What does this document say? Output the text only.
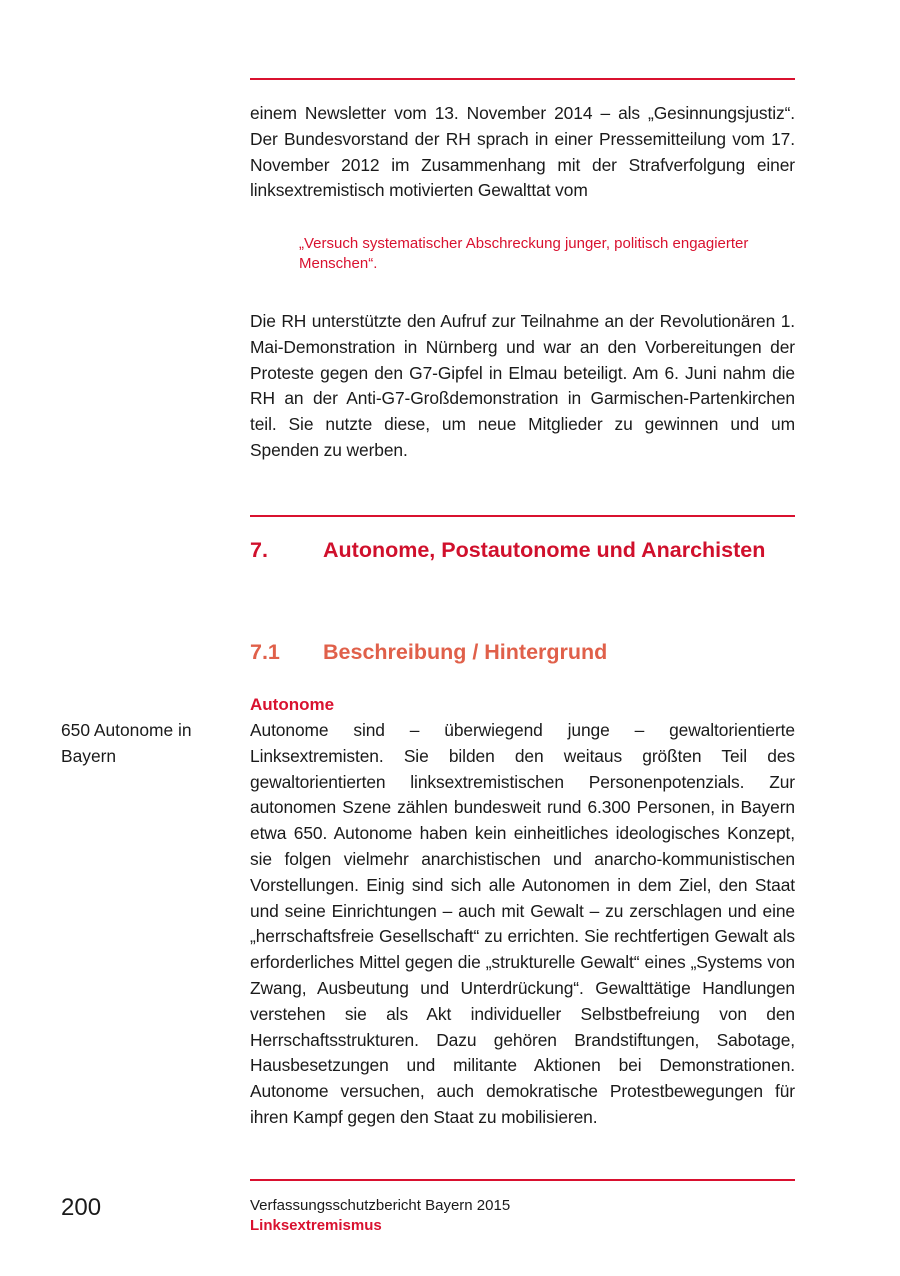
einem Newsletter vom 13. November 2014 – als „Gesinnungsjustiz“. Der Bundesvorstand der RH sprach in einer Pressemitteilung vom 17. November 2012 im Zusammenhang mit der Strafverfolgung einer linksextremistisch motivierten Gewalttat vom

„Versuch systematischer Abschreckung junger, politisch engagierter Menschen“.

Die RH unterstützte den Aufruf zur Teilnahme an der Revolutionären 1. Mai-Demonstration in Nürnberg und war an den Vorbereitungen der Proteste gegen den G7-Gipfel in Elmau beteiligt. Am 6. Juni nahm die RH an der Anti-G7-Großdemonstration in Garmischen-Partenkirchen teil. Sie nutzte diese, um neue Mitglieder zu gewinnen und um Spenden zu werben.

7.	Autonome, Postautonome und Anarchisten
7.1 Beschreibung / Hintergrund
Autonome
650 Autonome in Bayern

Autonome sind – überwiegend junge – gewaltorientierte Linksextremisten. Sie bilden den weitaus größten Teil des gewaltorientierten linksextremistischen Personenpotenzials. Zur autonomen Szene zählen bundesweit rund 6.300 Personen, in Bayern etwa 650. Autonome haben kein einheitliches ideologisches Konzept, sie folgen vielmehr anarchistischen und anarcho-kommunistischen Vorstellungen. Einig sind sich alle Autonomen in dem Ziel, den Staat und seine Einrichtungen – auch mit Gewalt – zu zerschlagen und eine „herrschaftsfreie Gesellschaft“ zu errichten. Sie rechtfertigen Gewalt als erforderliches Mittel gegen die „strukturelle Gewalt“ eines „Systems von Zwang, Ausbeutung und Unterdrückung“. Gewalttätige Handlungen verstehen sie als Akt individueller Selbstbefreiung von den Herrschaftsstrukturen. Dazu gehören Brandstiftungen, Sabotage, Hausbesetzungen und militante Aktionen bei Demonstrationen. Autonome versuchen, auch demokratische Protestbewegungen für ihren Kampf gegen den Staat zu mobilisieren.

200	Verfassungsschutzbericht Bayern 2015
Linksextremismus
